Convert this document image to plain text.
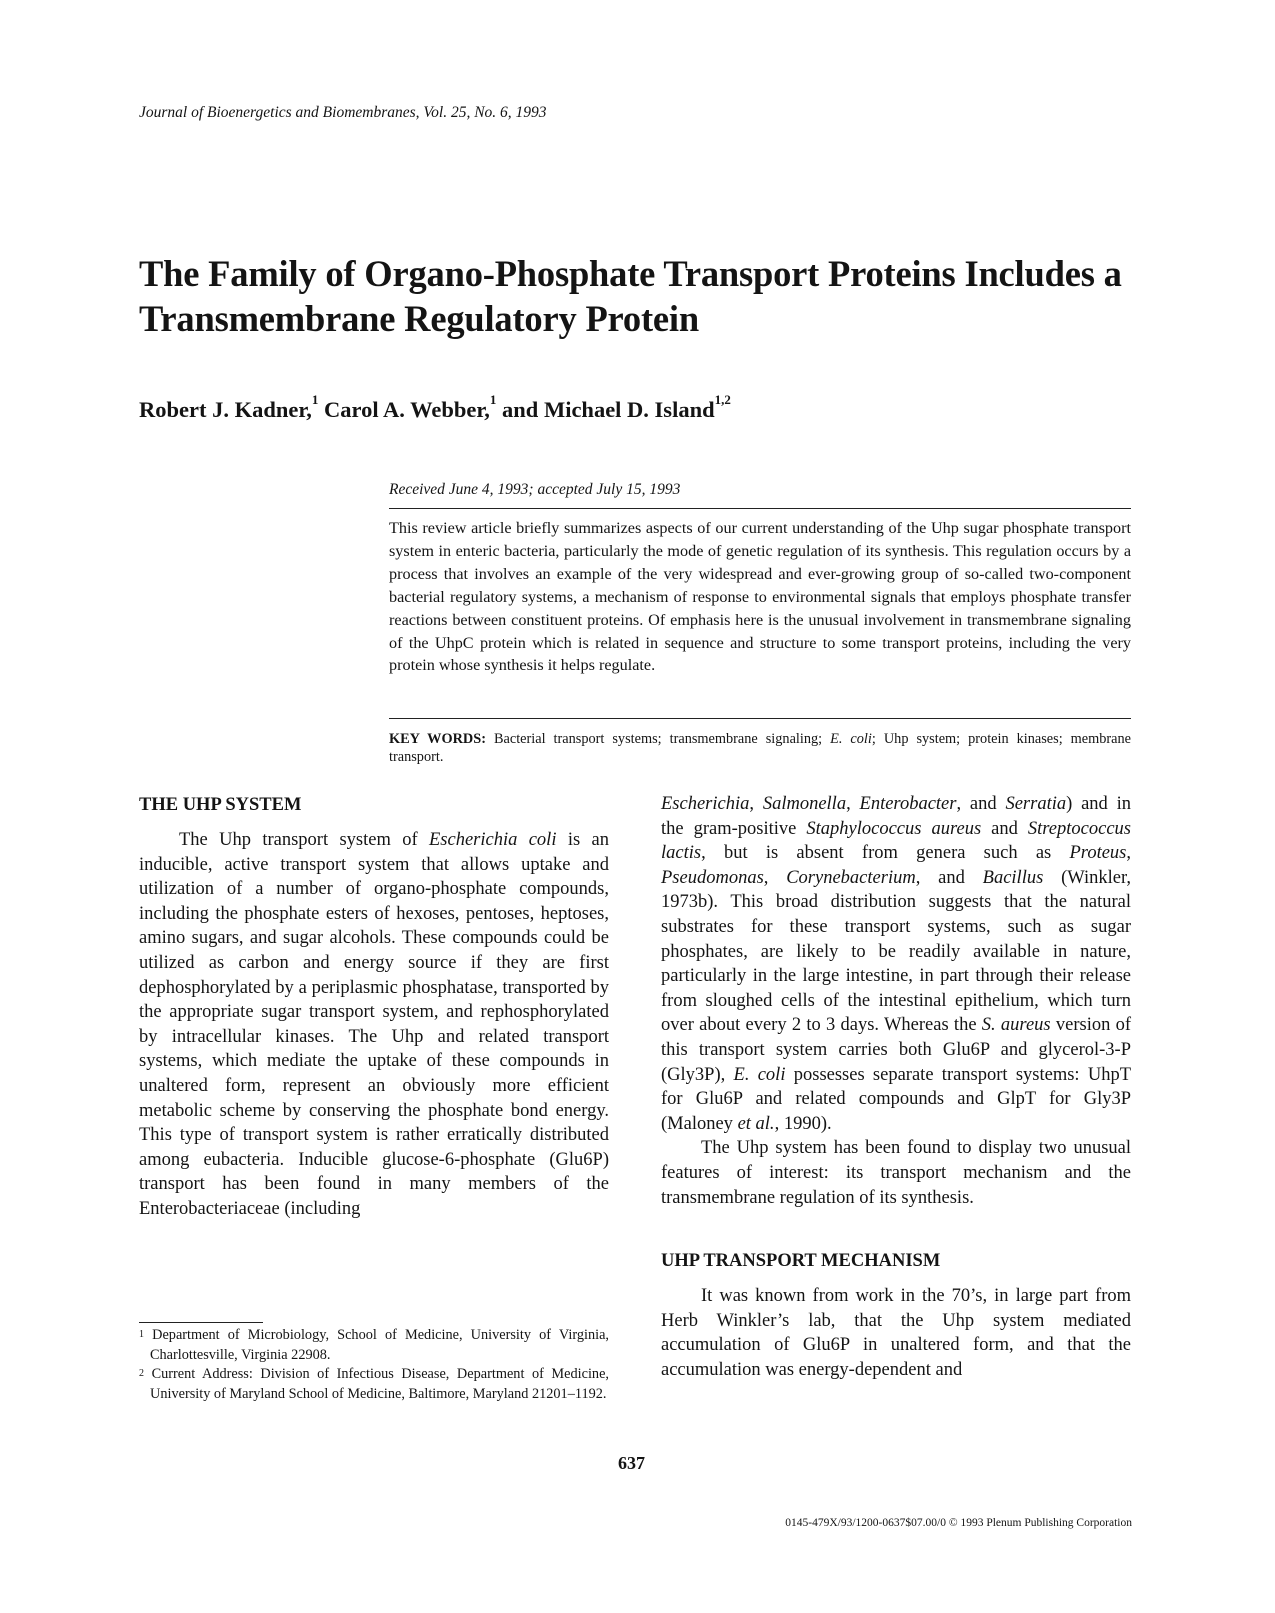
Journal of Bioenergetics and Biomembranes, Vol. 25, No. 6, 1993
The Family of Organo-Phosphate Transport Proteins Includes a Transmembrane Regulatory Protein
Robert J. Kadner,$^1$ Carol A. Webber,$^1$ and Michael D. Island$^{1,2}$
Received June 4, 1993; accepted July 15, 1993

This review article briefly summarizes aspects of our current understanding of the Uhp sugar phosphate transport system in enteric bacteria, particularly the mode of genetic regulation of its synthesis. This regulation occurs by a process that involves an example of the very widespread and ever-growing group of so-called two-component bacterial regulatory systems, a mechanism of response to environmental signals that employs phosphate transfer reactions between constituent proteins. Of emphasis here is the unusual involvement in transmembrane signaling of the UhpC protein which is related in sequence and structure to some transport proteins, including the very protein whose synthesis it helps regulate.

KEY WORDS: Bacterial transport systems; transmembrane signaling; E. coli; Uhp system; protein kinases; membrane transport.

THE UHP SYSTEM

The Uhp transport system of Escherichia coli is an inducible, active transport system that allows uptake and utilization of a number of organo-phosphate compounds, including the phosphate esters of hexoses, pentoses, heptoses, amino sugars, and sugar alcohols. These compounds could be utilized as carbon and energy source if they are first dephosphorylated by a periplasmic phosphatase, transported by the appropriate sugar transport system, and rephosphorylated by intracellular kinases. The Uhp and related transport systems, which mediate the uptake of these compounds in unaltered form, represent an obviously more efficient metabolic scheme by conserving the phosphate bond energy. This type of transport system is rather erratically distributed among eubacteria. Inducible glucose-6-phosphate (Glu6P) transport has been found in many members of the Enterobacteriaceae (including

Escherichia, Salmonella, Enterobacter, and Serratia) and in the gram-positive Staphylococcus aureus and Streptococcus lactis, but is absent from genera such as Proteus, Pseudomonas, Corynebacterium, and Bacillus (Winkler, 1973b). This broad distribution suggests that the natural substrates for these transport systems, such as sugar phosphates, are likely to be readily available in nature, particularly in the large intestine, in part through their release from sloughed cells of the intestinal epithelium, which turn over about every 2 to 3 days. Whereas the S. aureus version of this transport system carries both Glu6P and glycerol-3-P (Gly3P), E. coli possesses separate transport systems: UhpT for Glu6P and related compounds and GlpT for Gly3P (Maloney et al., 1990).

The Uhp system has been found to display two unusual features of interest: its transport mechanism and the transmembrane regulation of its synthesis.

UHP TRANSPORT MECHANISM

It was known from work in the 70’s, in large part from Herb Winkler’s lab, that the Uhp system mediated accumulation of Glu6P in unaltered form, and that the accumulation was energy-dependent and

$^1$ Department of Microbiology, School of Medicine, University of Virginia, Charlottesville, Virginia 22908.

$^2$ Current Address: Division of Infectious Disease, Department of Medicine, University of Maryland School of Medicine, Baltimore, Maryland 21201–1192.

637
0145-479X/93/1200-0637$07.00/0 © 1993 Plenum Publishing Corporation
